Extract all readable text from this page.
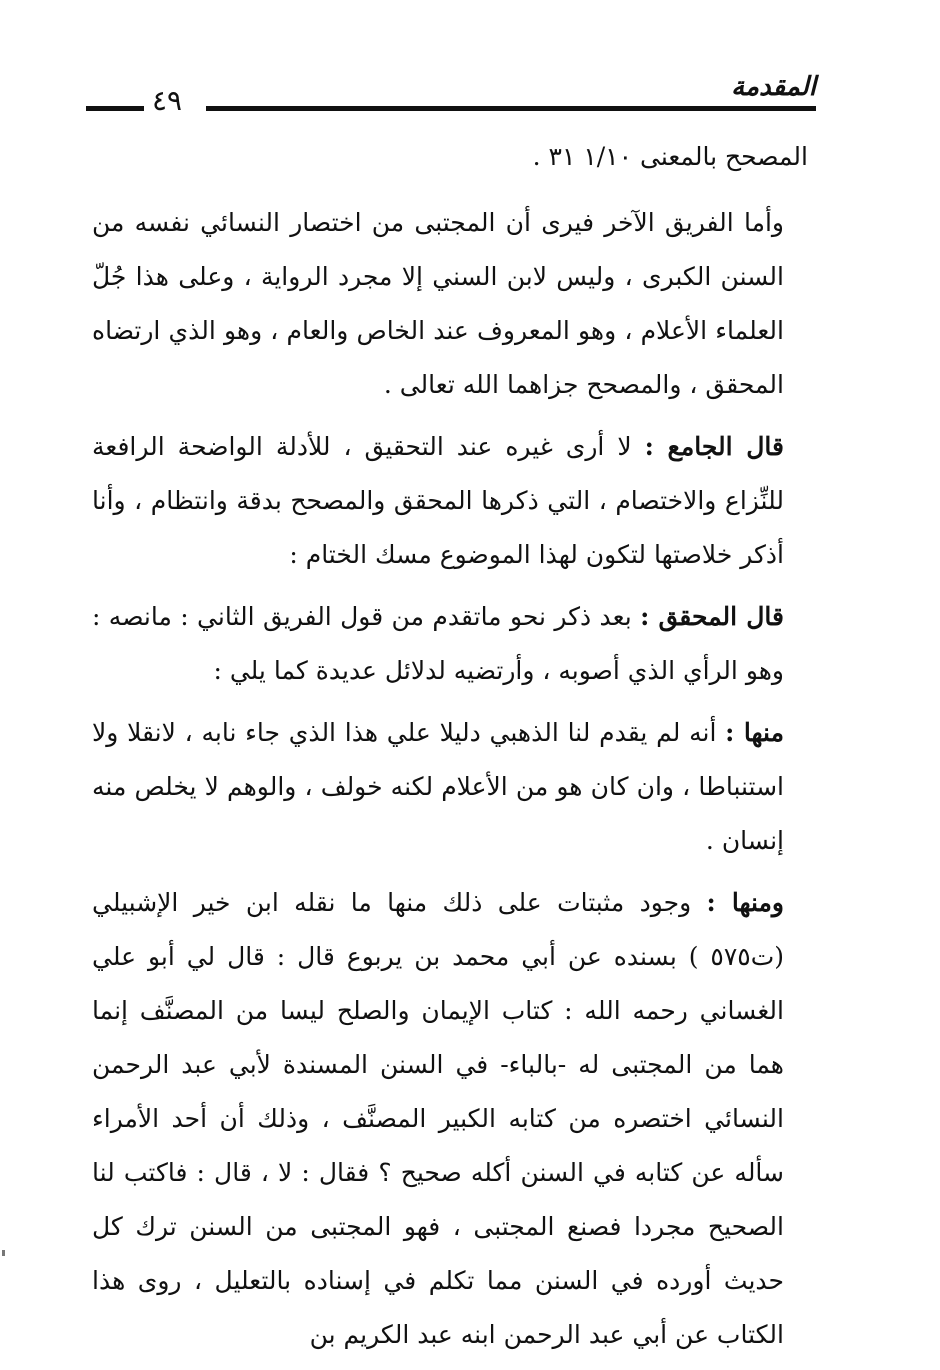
المقدمة
٤٩

المصحح بالمعنى ١/١٠ ٣١ .

وأما الفريق الآخر فيرى أن المجتبى من اختصار النسائي نفسه من السنن الكبرى ، وليس لابن السني إلا مجرد الرواية ، وعلى هذا جُلّ العلماء الأعلام ، وهو المعروف عند الخاص والعام ، وهو الذي ارتضاه المحقق ، والمصحح جزاهما الله تعالى .

قال الجامع : لا أرى غيره عند التحقيق ، للأدلة الواضحة الرافعة للنِّزاع والاختصام ، التي ذكرها المحقق والمصحح بدقة وانتظام ، وأنا أذكر خلاصتها لتكون لهذا الموضوع مسك الختام :

قال المحقق : بعد ذكر نحو ماتقدم من قول الفريق الثاني : مانصه : وهو الرأي الذي أصوبه ، وأرتضيه لدلائل عديدة كما يلي :

منها : أنه لم يقدم لنا الذهبي دليلا علي هذا الذي جاء نابه ، لانقلا ولا استنباطا ، وان كان هو من الأعلام لكنه خولف ، والوهم لا يخلص منه إنسان .

ومنها : وجود مثبتات على ذلك منها ما نقله ابن خير الإشبيلي (ت٥٧٥ ) بسنده عن أبي محمد بن يربوع قال : قال لي أبو علي الغساني رحمه الله : كتاب الإيمان والصلح ليسا من المصنَّف إنما هما من المجتبى له -بالباء- في السنن المسندة لأبي عبد الرحمن النسائي اختصره من كتابه الكبير المصنَّف ، وذلك أن أحد الأمراء سأله عن كتابه في السنن أكله صحيح ؟ فقال : لا ، قال : فاكتب لنا الصحيح مجردا فصنع المجتبى ، فهو المجتبى من السنن ترك كل حديث أورده في السنن مما تكلم في إسناده بالتعليل ، روى هذا الكتاب عن أبي عبد الرحمن ابنه عبد الكريم بن
